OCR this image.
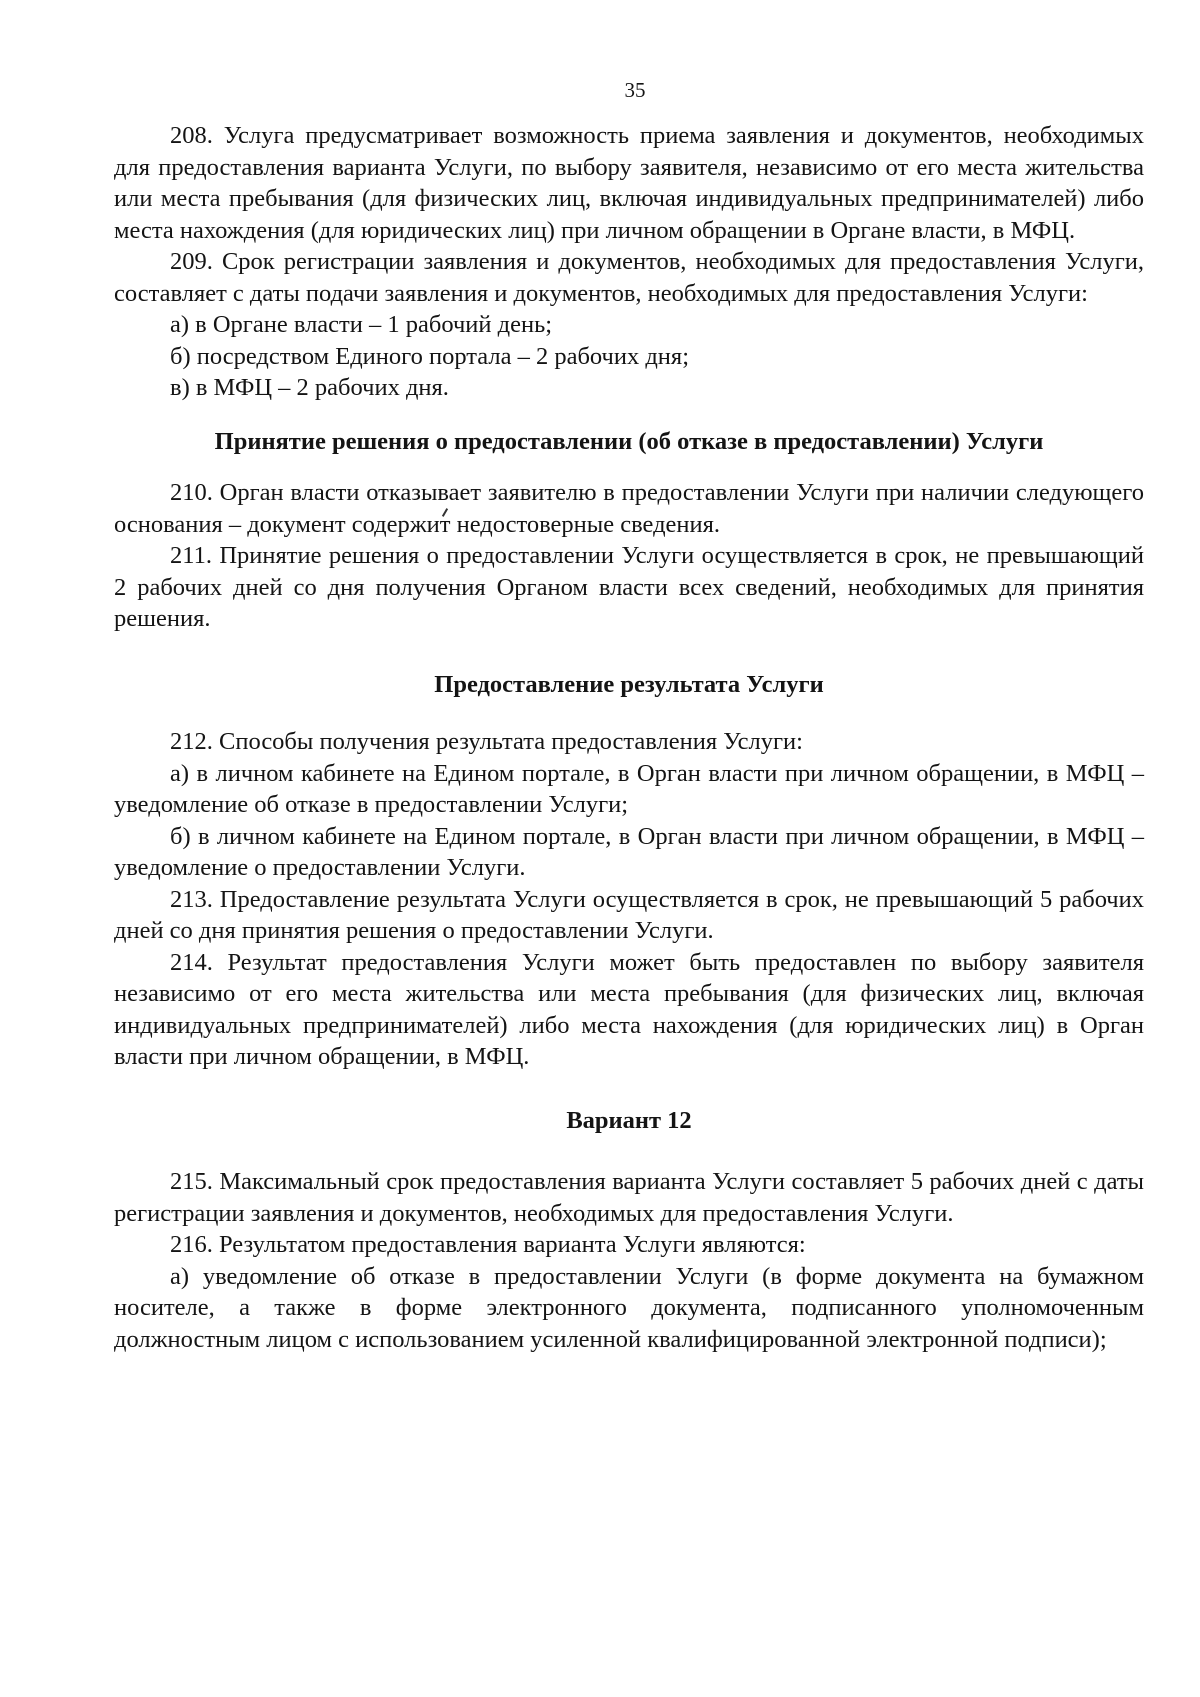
35

208. Услуга предусматривает возможность приема заявления и документов, необходимых для предоставления варианта Услуги, по выбору заявителя, независимо от его места жительства или места пребывания (для физических лиц, включая индивидуальных предпринимателей) либо места нахождения (для юридических лиц) при личном обращении в Органе власти, в МФЦ.

209. Срок регистрации заявления и документов, необходимых для предоставления Услуги, составляет с даты подачи заявления и документов, необходимых для предоставления Услуги:

а) в Органе власти – 1 рабочий день;

б) посредством Единого портала – 2 рабочих дня;

в) в МФЦ – 2 рабочих дня.

Принятие решения о предоставлении (об отказе в предоставлении) Услуги

210. Орган власти отказывает заявителю в предоставлении Услуги при наличии следующего основания – документ содержит недостоверные сведения.

211. Принятие решения о предоставлении Услуги осуществляется в срок, не превышающий 2 рабочих дней со дня получения Органом власти всех сведений, необходимых для принятия решения.

Предоставление результата Услуги

212. Способы получения результата предоставления Услуги:

а) в личном кабинете на Едином портале, в Орган власти при личном обращении, в МФЦ – уведомление об отказе в предоставлении Услуги;

б) в личном кабинете на Едином портале, в Орган власти при личном обращении, в МФЦ – уведомление о предоставлении Услуги.

213. Предоставление результата Услуги осуществляется в срок, не превышающий 5 рабочих дней со дня принятия решения о предоставлении Услуги.

214. Результат предоставления Услуги может быть предоставлен по выбору заявителя независимо от его места жительства или места пребывания (для физических лиц, включая индивидуальных предпринимателей) либо места нахождения (для юридических лиц) в Орган власти при личном обращении, в МФЦ.

Вариант 12

215. Максимальный срок предоставления варианта Услуги составляет 5 рабочих дней с даты регистрации заявления и документов, необходимых для предоставления Услуги.

216. Результатом предоставления варианта Услуги являются:

а) уведомление об отказе в предоставлении Услуги (в форме документа на бумажном носителе, а также в форме электронного документа, подписанного уполномоченным должностным лицом с использованием усиленной квалифицированной электронной подписи);
